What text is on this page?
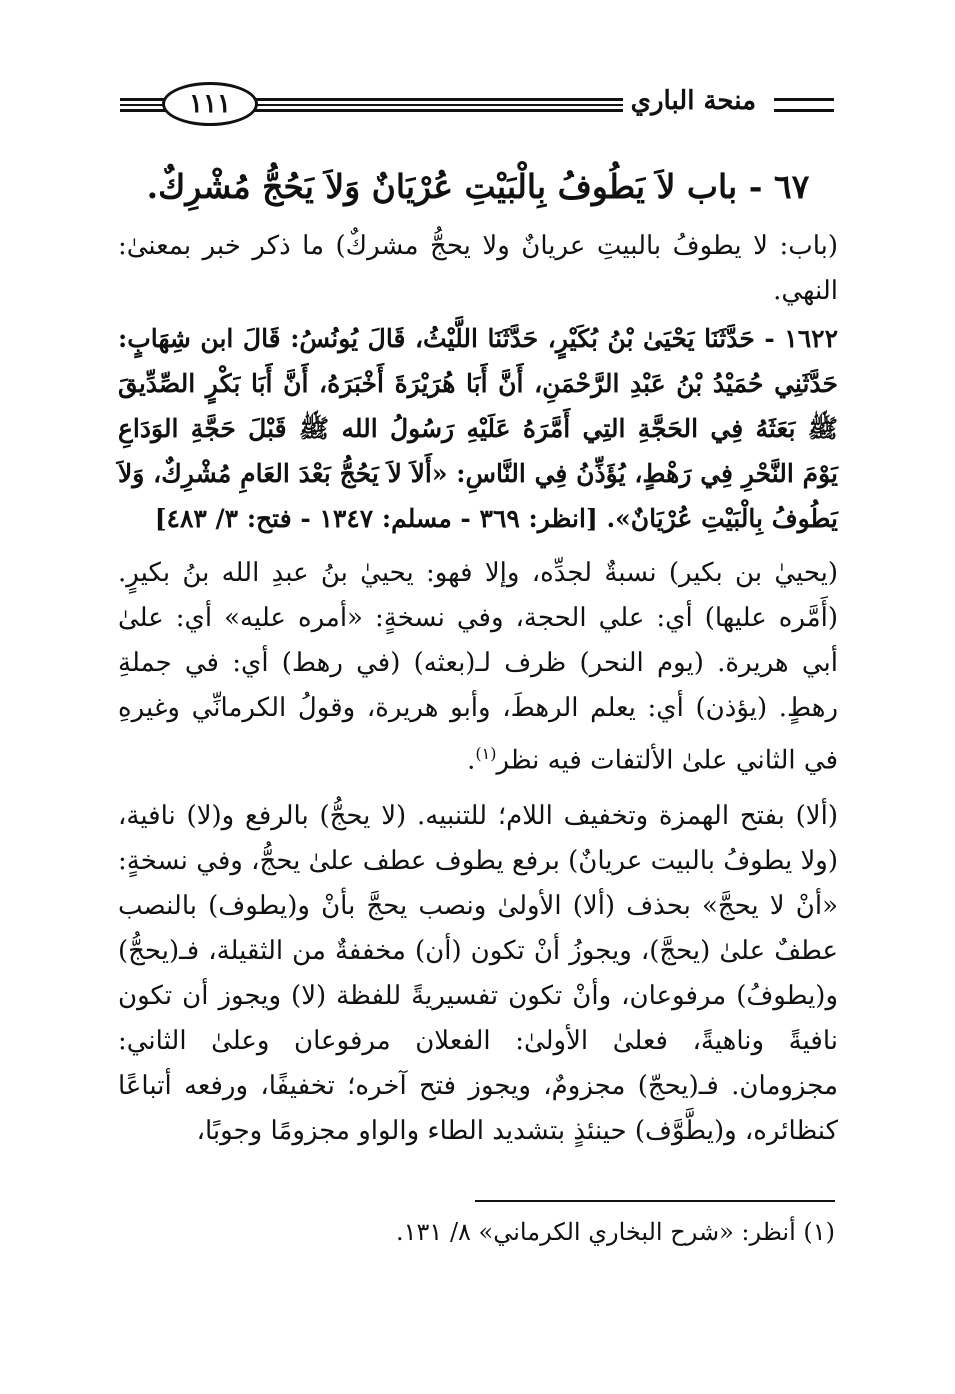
١١١	منحة الباري
٦٧ - باب لاَ يَطُوفُ بِالْبَيْتِ عُرْيَانٌ وَلاَ يَحُجُّ مُشْرِكٌ.

(باب: لا يطوفُ بالبيتِ عريانٌ ولا يحجُّ مشركٌ) ما ذكر خبر بمعنىٰ: النهي.

١٦٢٢ - حَدَّثَنَا يَحْيَىٰ بْنُ بُكَيْرٍ، حَدَّثَنَا اللَّيْثُ، قَالَ يُونُسُ: قَالَ ابن شِهَابٍ: حَدَّثَنِي حُمَيْدُ بْنُ عَبْدِ الرَّحْمَنِ، أَنَّ أَبَا هُرَيْرَةَ أَخْبَرَهُ، أَنَّ أَبَا بَكْرٍ الصِّدِّيقَ ﷺ بَعَثَهُ فِي الحَجَّةِ التِي أَمَّرَهُ عَلَيْهِ رَسُولُ الله ﷺ قَبْلَ حَجَّةِ الوَدَاعِ يَوْمَ النَّحْرِ فِي رَهْطٍ، يُؤَذِّنُ فِي النَّاسِ: «أَلاَ لاَ يَحُجُّ بَعْدَ العَامِ مُشْرِكٌ، وَلاَ يَطُوفُ بِالْبَيْتِ عُرْيَانٌ». [انظر: ٣٦٩ - مسلم: ١٣٤٧ - فتح: ٣/ ٤٨٣]

(يحييٰ بن بكير) نسبةٌ لجدِّه، وإلا فهو: يحييٰ بنُ عبدِ الله بنُ بكيرٍ. (أَمَّره عليها) أي: علي الحجة، وفي نسخةٍ: «أمره عليه» أي: علىٰ أبي هريرة. (يوم النحر) ظرف لـ(بعثه) (في رهط) أي: في جملةِ رهطٍ. (يؤذن) أي: يعلم الرهطَ، وأبو هريرة، وقولُ الكرمانِّي وغيرهِ في الثاني علىٰ الألتفات فيه نظر$^{(١)}$.

(ألا) بفتح الهمزة وتخفيف اللام؛ للتنبيه. (لا يحجُّ) بالرفع و(لا) نافية، (ولا يطوفُ بالبيت عريانٌ) برفع يطوف عطف علىٰ يحجُّ، وفي نسخةٍ: «أنْ لا يحجَّ» بحذف (ألا) الأولىٰ ونصب يحجَّ بأنْ و(يطوف) بالنصب عطفٌ علىٰ (يحجَّ)، ويجوزُ أنْ تكون (أن) مخففةٌ من الثقيلة، فـ(يحجُّ) و(يطوفُ) مرفوعان، وأنْ تكون تفسيريةً للفظة (لا) ويجوز أن تكون نافيةً وناهيةً، فعلىٰ الأولىٰ: الفعلان مرفوعان وعلىٰ الثاني: مجزومان. فـ(يحجّ) مجزومٌ، ويجوز فتح آخره؛ تخفيفًا، ورفعه أتباعًا كنظائره، و(يطَّوَّف) حينئذٍ بتشديد الطاء والواو مجزومًا وجوبًا،

(١) أنظر: «شرح البخاري الكرماني» ٨/ ١٣١.
